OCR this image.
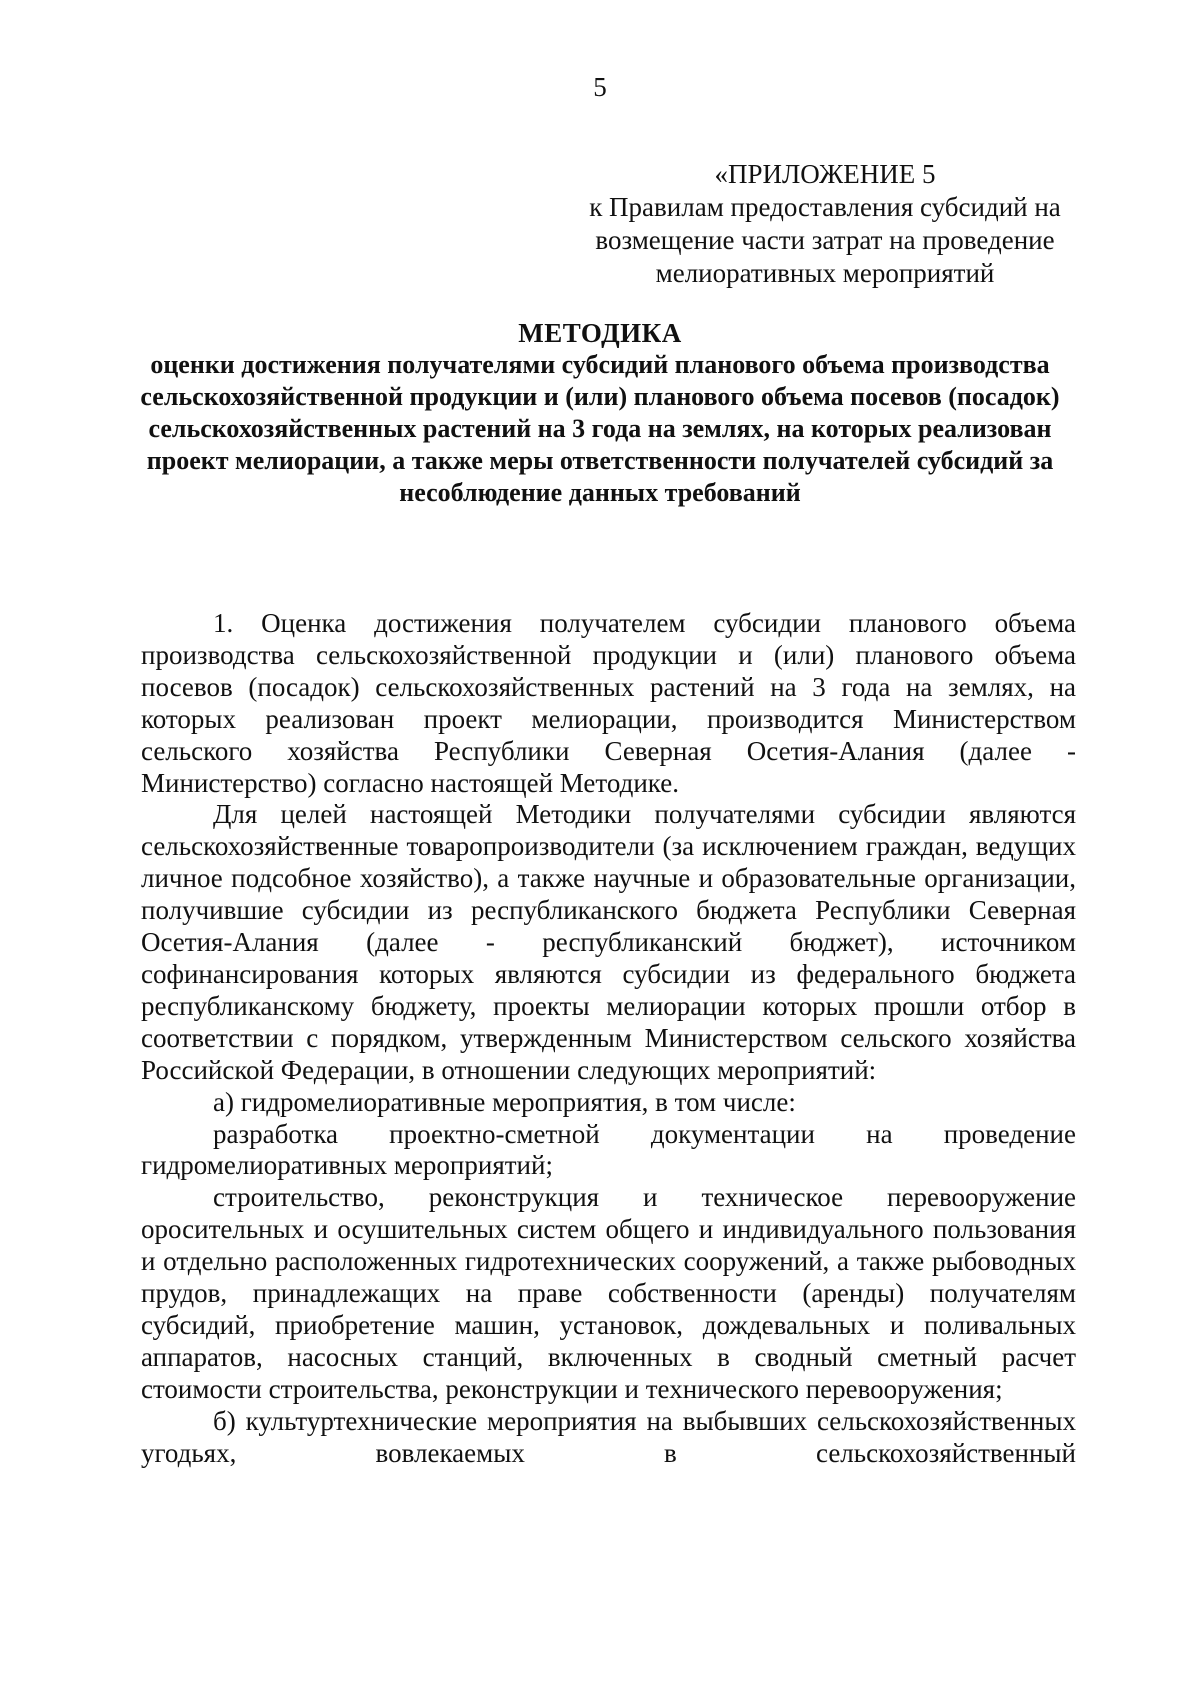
5
«ПРИЛОЖЕНИЕ 5
к Правилам предоставления субсидий на
возмещение части затрат на проведение
мелиоративных мероприятий
МЕТОДИКА
оценки достижения получателями субсидий планового объема производства сельскохозяйственной продукции и (или) планового объема посевов (посадок) сельскохозяйственных растений на 3 года на землях, на которых реализован проект мелиорации, а также меры ответственности получателей субсидий за несоблюдение данных требований

1. Оценка достижения получателем субсидии планового объема производства сельскохозяйственной продукции и (или) планового объема посевов (посадок) сельскохозяйственных растений на 3 года на землях, на которых реализован проект мелиорации, производится Министерством сельского хозяйства Республики Северная Осетия-Алания (далее - Министерство) согласно настоящей Методике.

Для целей настоящей Методики получателями субсидии являются сельскохозяйственные товаропроизводители (за исключением граждан, ведущих личное подсобное хозяйство), а также научные и образовательные организации, получившие субсидии из республиканского бюджета Республики Северная Осетия-Алания (далее - республиканский бюджет), источником софинансирования которых являются субсидии из федерального бюджета республиканскому бюджету, проекты мелиорации которых прошли отбор в соответствии с порядком, утвержденным Министерством сельского хозяйства Российской Федерации, в отношении следующих мероприятий:

а) гидромелиоративные мероприятия, в том числе:

разработка проектно-сметной документации на проведение гидромелиоративных мероприятий;

строительство, реконструкция и техническое перевооружение оросительных и осушительных систем общего и индивидуального пользования и отдельно расположенных гидротехнических сооружений, а также рыбоводных прудов, принадлежащих на праве собственности (аренды) получателям субсидий, приобретение машин, установок, дождевальных и поливальных аппаратов, насосных станций, включенных в сводный сметный расчет стоимости строительства, реконструкции и технического перевооружения;

б) культуртехнические мероприятия на выбывших сельскохозяйственных угодьях, вовлекаемых в сельскохозяйственный
